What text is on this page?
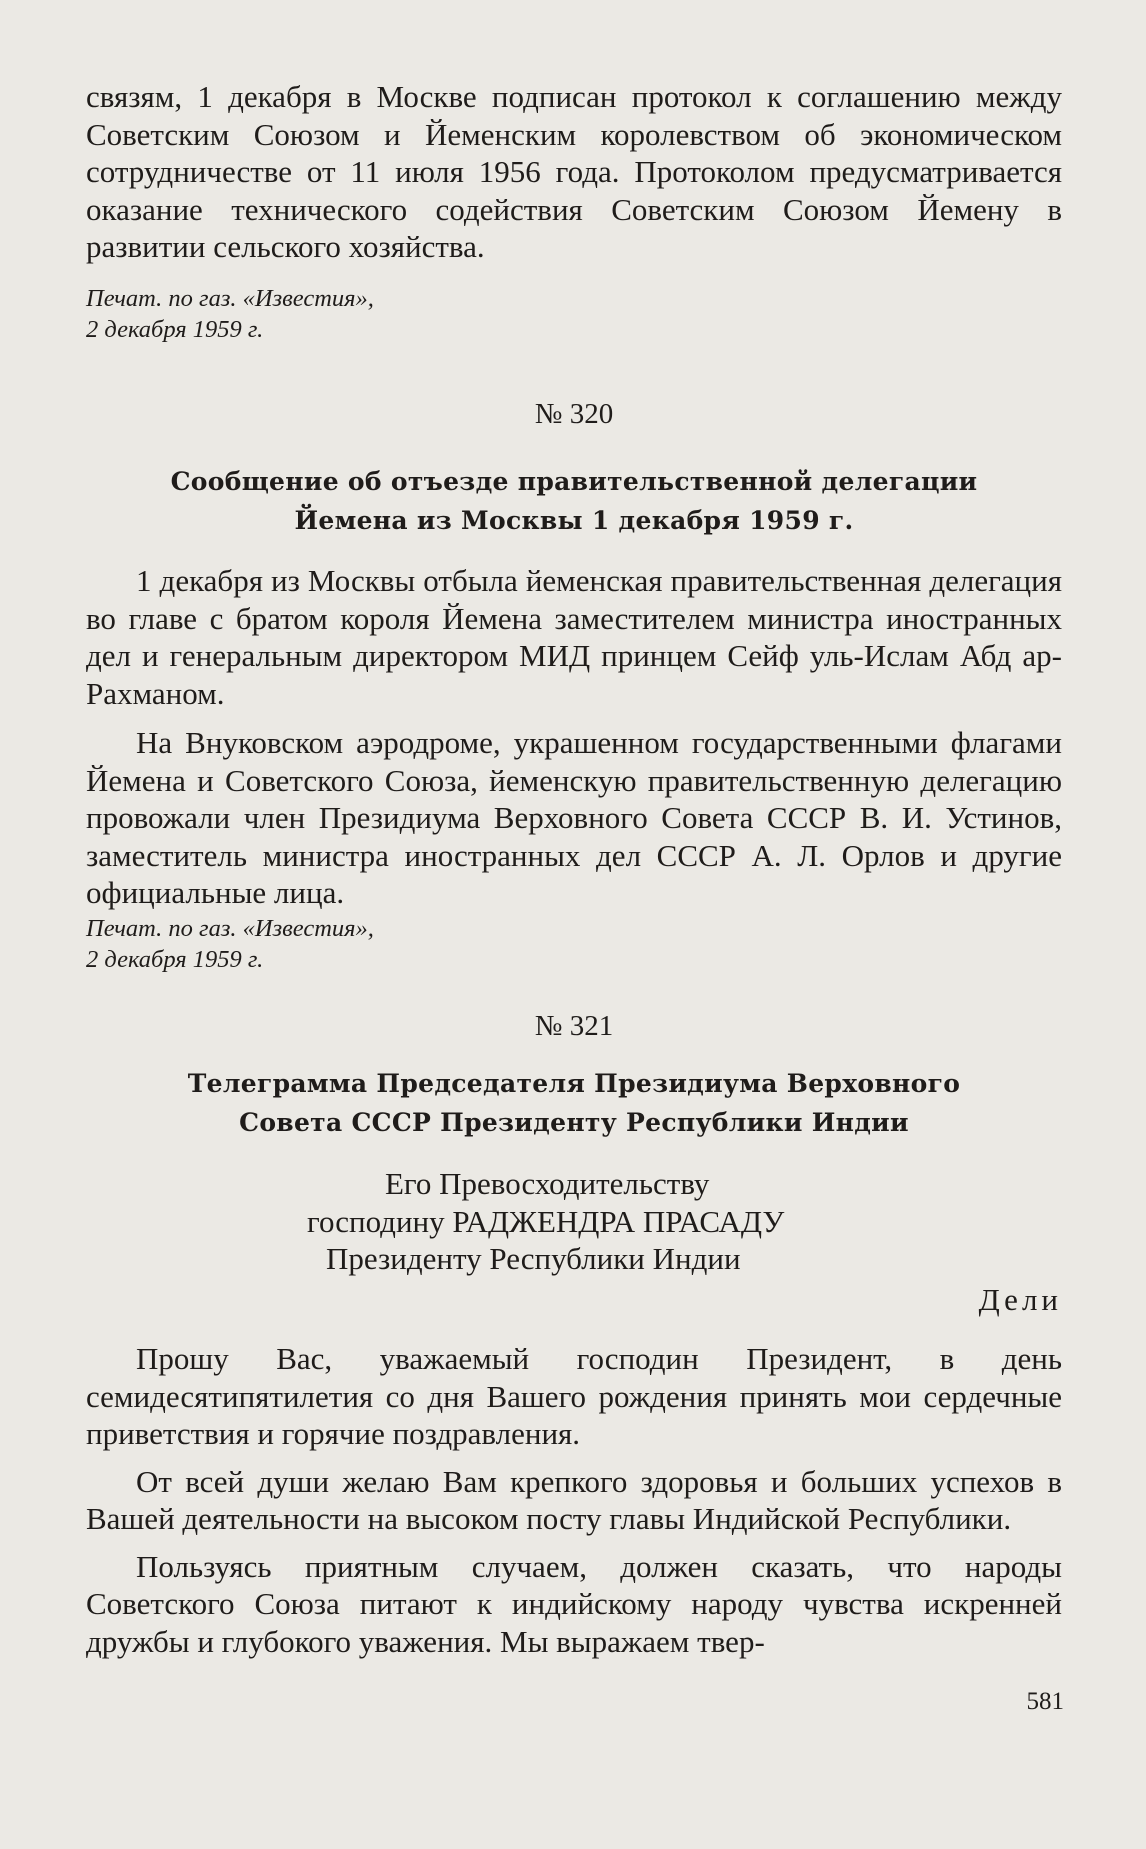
связям, 1 декабря в Москве подписан протокол к соглашению между Советским Союзом и Йеменским королевством об экономическом сотрудничестве от 11 июля 1956 года. Протоколом предусматривается оказание технического содействия Советским Союзом Йемену в развитии сельского хозяйства.

Печат. по газ. «Известия»,

2 декабря 1959 г.

№ 320

Сообщение об отъезде правительственной делегации

Йемена из Москвы 1 декабря 1959 г.

1 декабря из Москвы отбыла йеменская правительственная делегация во главе с братом короля Йемена заместителем министра иностранных дел и генеральным директором МИД принцем Сейф уль-Ислам Абд ар-Рахманом.

На Внуковском аэродроме, украшенном государственными флагами Йемена и Советского Союза, йеменскую правительственную делегацию провожали член Президиума Верховного Совета СССР В. И. Устинов, заместитель министра иностранных дел СССР А. Л. Орлов и другие официальные лица.

Печат. по газ. «Известия»,

2 декабря 1959 г.

№ 321

Телеграмма Председателя Президиума Верховного

Совета СССР Президенту Республики Индии

Его Превосходительству

господину РАДЖЕНДРА ПРАСАДУ

Президенту Республики Индии

Дели

Прошу Вас, уважаемый господин Президент, в день семидесятипятилетия со дня Вашего рождения принять мои сердечные приветствия и горячие поздравления.

От всей души желаю Вам крепкого здоровья и больших успехов в Вашей деятельности на высоком посту главы Индийской Республики.

Пользуясь приятным случаем, должен сказать, что народы Советского Союза питают к индийскому народу чувства искренней дружбы и глубокого уважения. Мы выражаем твер-

581
